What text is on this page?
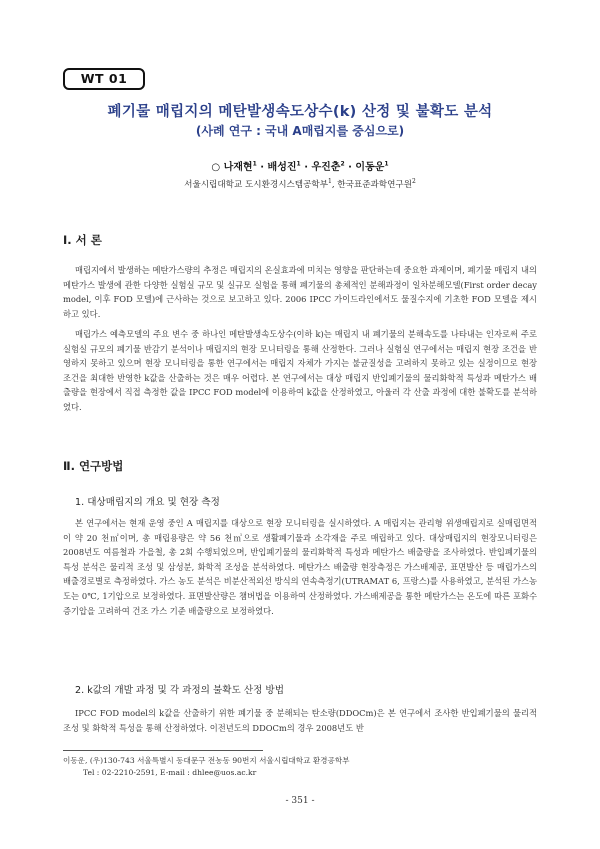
WT 01
폐기물 매립지의 메탄발생속도상수(k) 산정 및 불확도 분석
(사례 연구 : 국내 A매립지를 중심으로)
○ 나재현$^1$ · 배성진$^1$ · 우진춘$^2$ · 이동운$^1$
서울시립대학교 도시환경시스템공학부$^1$, 한국표준과학연구원$^2$
Ⅰ. 서 론
매립지에서 발생하는 메탄가스량의 추정은 매립지의 온실효과에 미치는 영향을 판단하는데 중요한 과제이며, 폐기물 매립지 내의 메탄가스 발생에 관한 다양한 실험실 규모 및 실규모 실험을 통해 폐기물의 총체적인 분해과정이 일차분해모델(First order decay model, 이후 FOD 모델)에 근사하는 것으로 보고하고 있다. 2006 IPCC 가이드라인에서도 물질수지에 기초한 FOD 모델을 제시하고 있다.
매립가스 예측모델의 주요 변수 중 하나인 메탄발생속도상수(이하 k)는 매립지 내 폐기물의 분해속도를 나타내는 인자로써 주로 실험실 규모의 폐기물 반감기 분석이나 매립지의 현장 모니터링을 통해 산정한다. 그러나 실험실 연구에서는 매립지 현장 조건을 반영하지 못하고 있으며 현장 모니터링을 통한 연구에서는 매립지 자체가 가지는 불균질성을 고려하지 못하고 있는 실정이므로 현장 조건을 최대한 반영한 k값을 산출하는 것은 매우 어렵다. 본 연구에서는 대상 매립지 반입폐기물의 물리화학적 특성과 메탄가스 배출량을 현장에서 직접 측정한 값을 IPCC FOD model에 이용하여 k값을 산정하였고, 아울러 각 산출 과정에 대한 불확도를 분석하였다.
Ⅱ. 연구방법
1. 대상매립지의 개요 및 현장 측정
본 연구에서는 현재 운영 중인 A 매립지를 대상으로 현장 모니터링을 실시하였다. A 매립지는 관리형 위생매립지로 실매립면적이 약 20 천㎡이며, 총 매립용량은 약 56 천㎥으로 생활폐기물과 소각재을 주로 매립하고 있다. 대상매립지의 현장모니터링은 2008년도 여름철과 가을철, 총 2회 수행되었으며, 반입폐기물의 물리화학적 특성과 메탄가스 배출량을 조사하였다. 반입폐기물의 특성 분석은 물리적 조성 및 삼성분, 화학적 조성을 분석하였다. 메탄가스 배출량 현장측정은 가스배제공, 표면발산 등 매립가스의 배출경로별로 측정하였다. 가스 농도 분석은 비분산적외선 방식의 연속측정기(UTRAMAT 6, 프랑스)를 사용하였고, 분석된 가스농도는 0℃, 1기압으로 보정하였다. 표면발산량은 챔버법을 이용하여 산정하였다. 가스배제공을 통한 메탄가스는 온도에 따른 포화수증기압을 고려하여 건조 가스 기준 배출량으로 보정하였다.
2. k값의 개발 과정 및 각 과정의 불확도 산정 방법
IPCC FOD model의 k값을 산출하기 위한 폐기물 중 분해되는 탄소량(DDOCm)은 본 연구에서 조사한 반입폐기물의 물리적 조성 및 화학적 특성을 통해 산정하였다. 이전년도의 DDOCm의 경우 2008년도 반
이동운, (우)130-743 서울특별시 동대문구 전농동 90번지 서울시립대학교 환경공학부
Tel : 02-2210-2591, E-mail : dhlee@uos.ac.kr
- 351 -
